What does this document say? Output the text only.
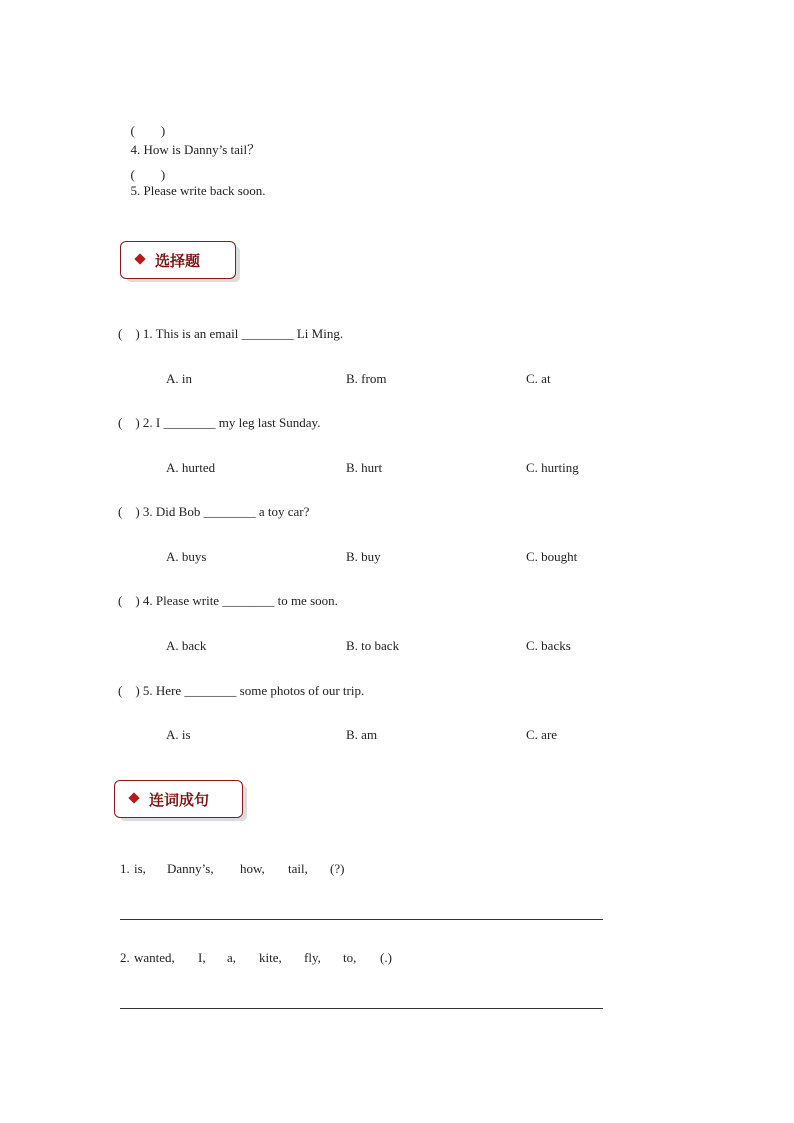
(　　)
4. How is Danny’s tail？

(　　)
5. Please write back soon.

选择题
(    ) 1. This is an email ________ Li Ming.
A. in	B. from	C. at
(    ) 2. I ________ my leg last Sunday.
A. hurted	B. hurt	C. hurting
(    ) 3. Did Bob ________ a toy car?
A. buys	B. buy	C. bought
(    ) 4. Please write ________ to me soon.
A. back	B. to back	C. backs
(    ) 5. Here ________ some photos of our trip.
A. is	B. am	C. are
连词成句
1. is, Danny’s, how, tail, (?)
2. wanted, I, a, kite, fly, to, (.)
